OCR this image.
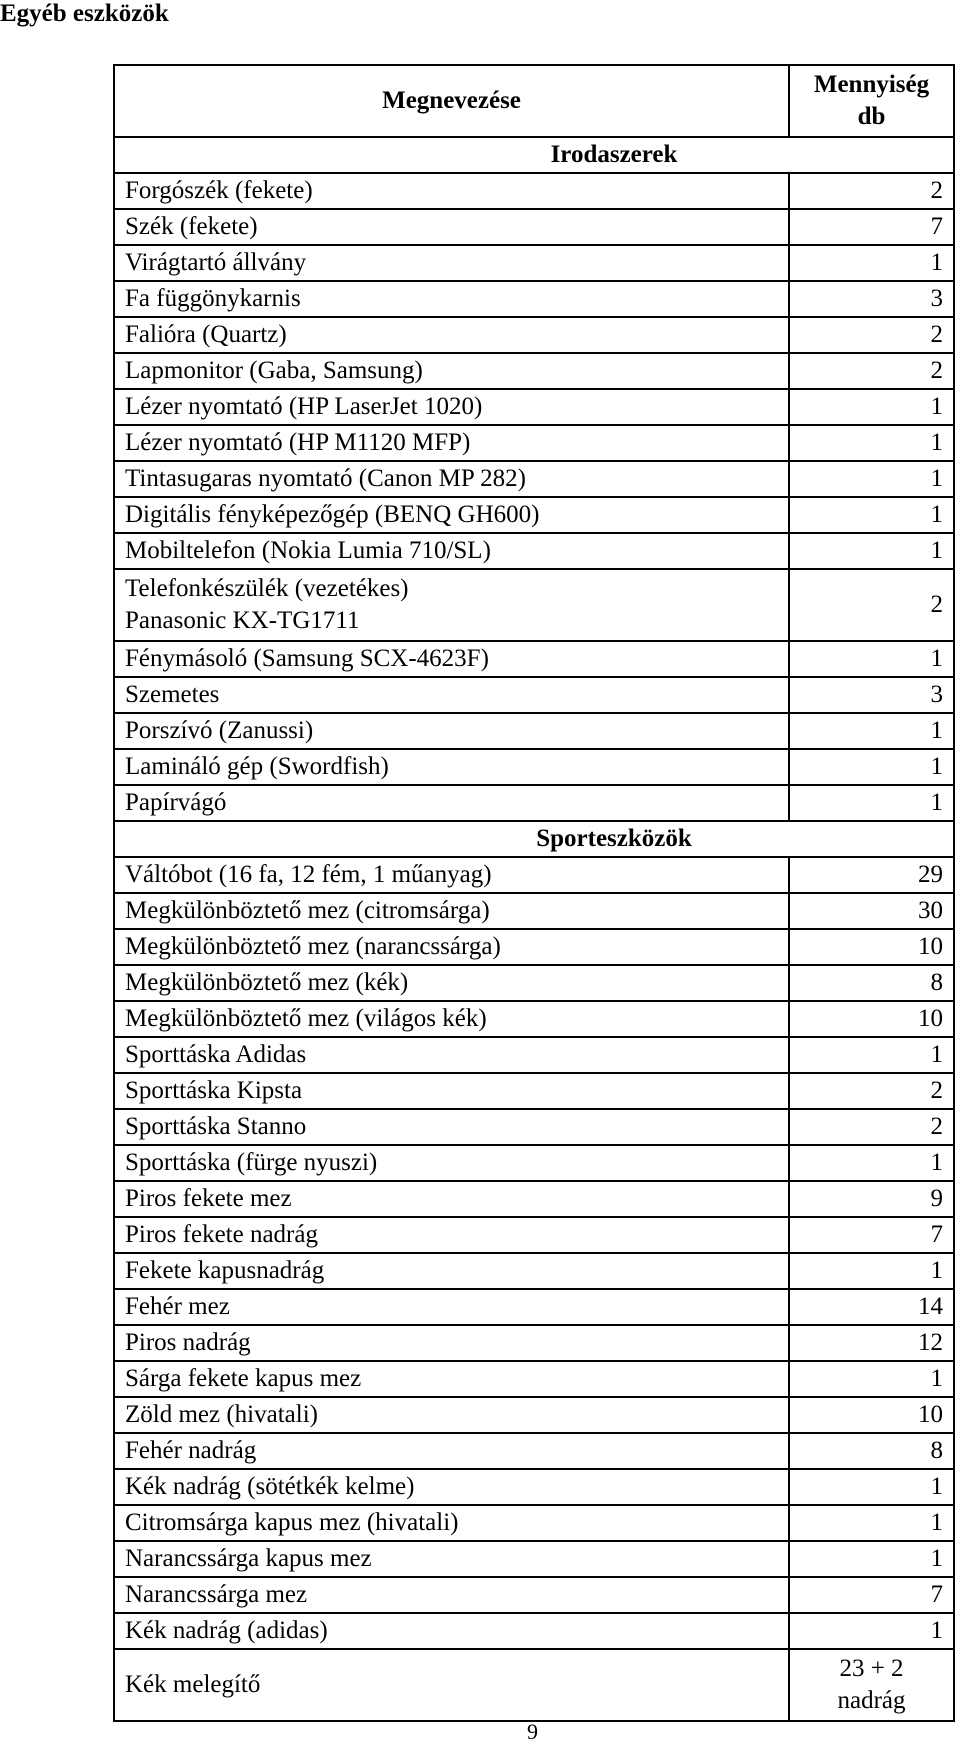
Egyéb eszközök
Megnevezése	Mennyiség
db
Irodaszerek	
Forgószék (fekete)	2
Szék (fekete)	7
Virágtartó állvány	1
Fa függönykarnis	3
Falióra (Quartz)	2
Lapmonitor (Gaba, Samsung)	2
Lézer nyomtató (HP LaserJet 1020)	1
Lézer nyomtató (HP M1120 MFP)	1
Tintasugaras nyomtató (Canon MP 282)	1
Digitális fényképezőgép (BENQ GH600)	1
Mobiltelefon (Nokia Lumia 710/SL)	1
Telefonkészülék (vezetékes)
Panasonic KX-TG1711	2
Fénymásoló (Samsung SCX-4623F)	1
Szemetes	3
Porszívó (Zanussi)	1
Lamináló gép (Swordfish)	1
Papírvágó	1
Sporteszközök	
Váltóbot (16 fa, 12 fém, 1 műanyag)	29
Megkülönböztető mez (citromsárga)	30
Megkülönböztető mez (narancssárga)	10
Megkülönböztető mez (kék)	8
Megkülönböztető mez (világos kék)	10
Sporttáska Adidas	1
Sporttáska Kipsta	2
Sporttáska Stanno	2
Sporttáska (fürge nyuszi)	1
Piros fekete mez	9
Piros fekete nadrág	7
Fekete kapusnadrág	1
Fehér mez	14
Piros nadrág	12
Sárga fekete kapus mez	1
Zöld mez (hivatali)	10
Fehér nadrág	8
Kék nadrág (sötétkék kelme)	1
Citromsárga kapus mez (hivatali)	1
Narancssárga kapus mez	1
Narancssárga mez	7
Kék nadrág (adidas)	1
Kék melegítő	23 + 2
nadrág
9
